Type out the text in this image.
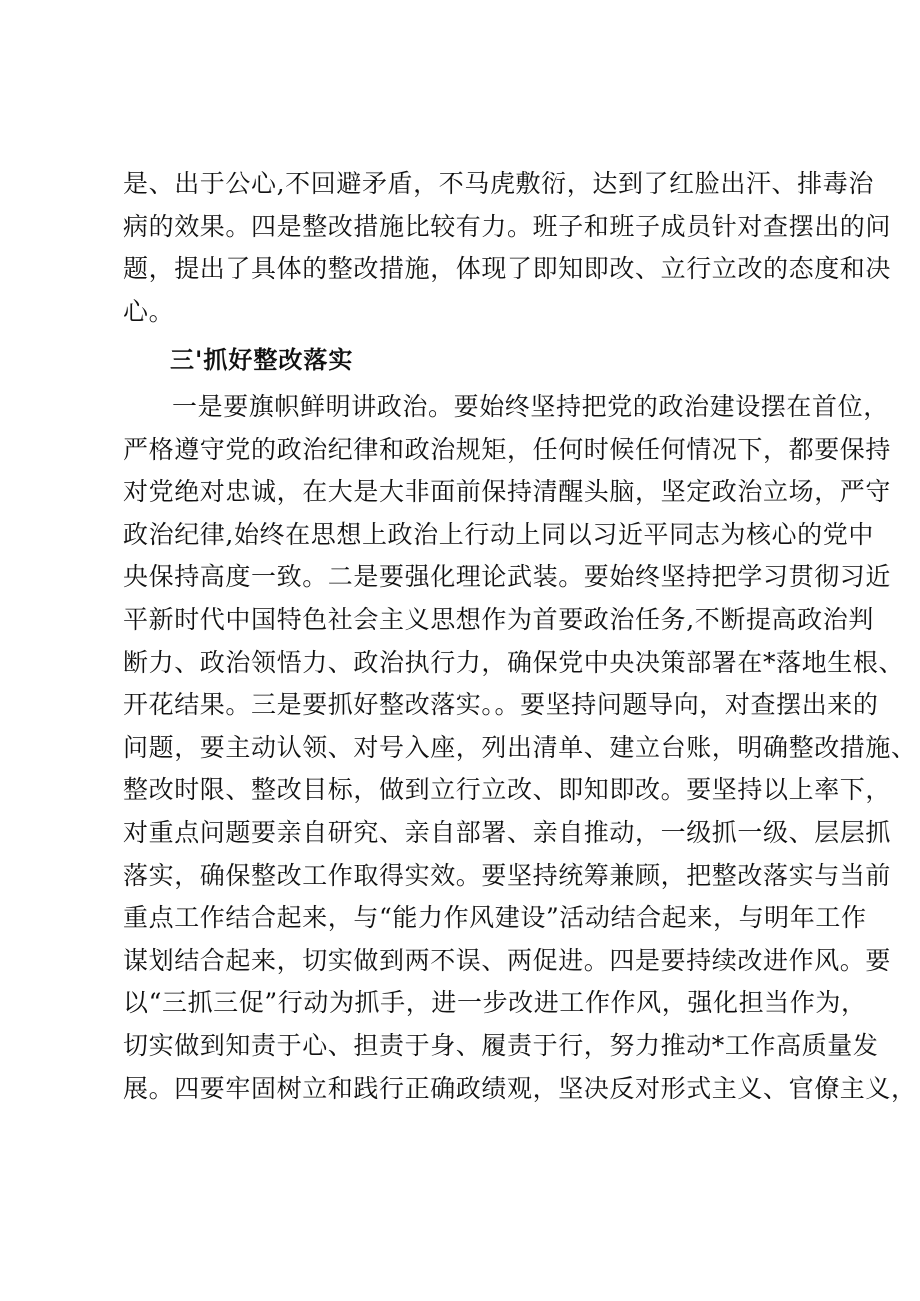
是、出于公心,不回避矛盾，不马虎敷衍，达到了红脸出汗、排毒治
病的效果。四是整改措施比较有力。班子和班子成员针对查摆出的问
题，提出了具体的整改措施，体现了即知即改、立行立改的态度和决
心。
三'抓好整改落实
一是要旗帜鲜明讲政治。要始终坚持把党的政治建设摆在首位，
严格遵守党的政治纪律和政治规矩，任何时候任何情况下，都要保持
对党绝对忠诚，在大是大非面前保持清醒头脑，坚定政治立场，严守
政治纪律,始终在思想上政治上行动上同以习近平同志为核心的党中
央保持高度一致。二是要强化理论武装。要始终坚持把学习贯彻习近
平新时代中国特色社会主义思想作为首要政治任务,不断提高政治判
断力、政治领悟力、政治执行力，确保党中央决策部署在*落地生根、
开花结果。三是要抓好整改落实。。要坚持问题导向，对查摆出来的
问题，要主动认领、对号入座，列出清单、建立台账，明确整改措施、
整改时限、整改目标，做到立行立改、即知即改。要坚持以上率下，
对重点问题要亲自研究、亲自部署、亲自推动，一级抓一级、层层抓
落实，确保整改工作取得实效。要坚持统筹兼顾，把整改落实与当前
重点工作结合起来，与“能力作风建设”活动结合起来，与明年工作
谋划结合起来，切实做到两不误、两促进。四是要持续改进作风。要
以“三抓三促”行动为抓手，进一步改进工作作风，强化担当作为，
切实做到知责于心、担责于身、履责于行，努力推动*工作高质量发
展。四要牢固树立和践行正确政绩观，坚决反对形式主义、官僚主义，
